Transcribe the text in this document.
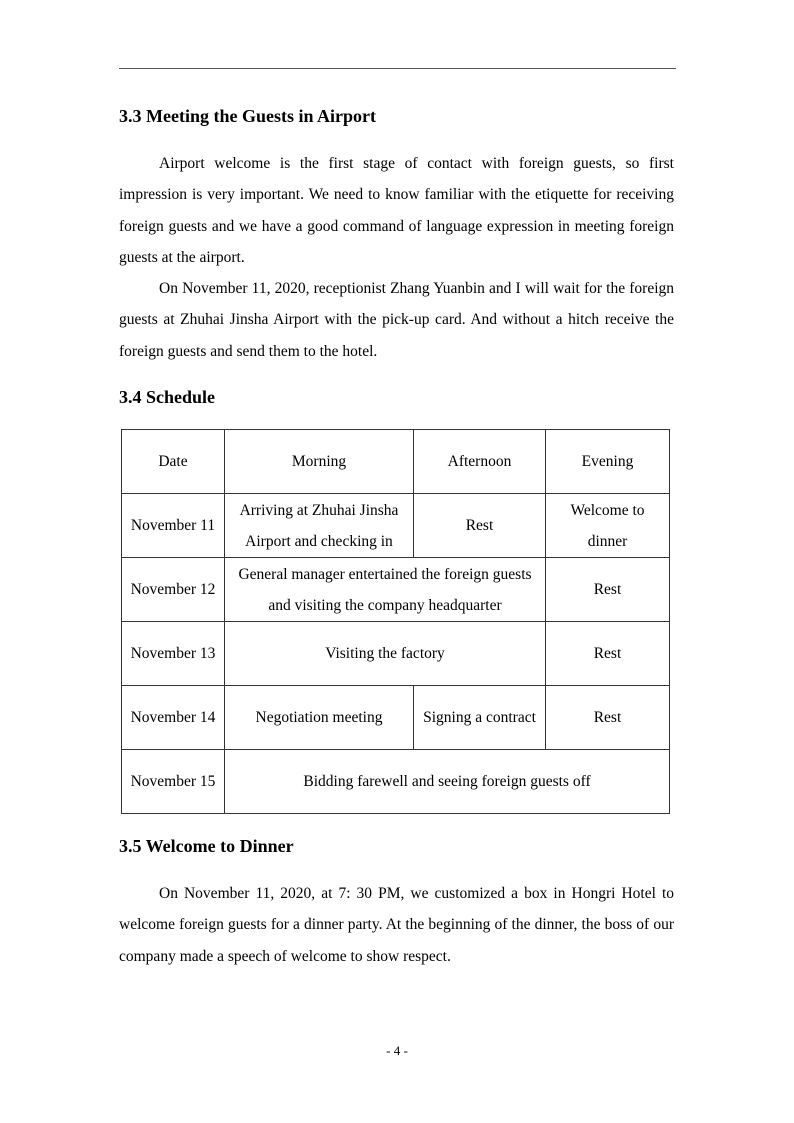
3.3 Meeting the Guests in Airport

Airport welcome is the first stage of contact with foreign guests, so first impression is very important. We need to know familiar with the etiquette for receiving foreign guests and we have a good command of language expression in meeting foreign guests at the airport.

On November 11, 2020, receptionist Zhang Yuanbin and I will wait for the foreign guests at Zhuhai Jinsha Airport with the pick-up card. And without a hitch receive the foreign guests and send them to the hotel.

3.4 Schedule
Date	Morning	Afternoon	Evening
November 11	Arriving at Zhuhai Jinsha Airport and checking in	Rest	Welcome to dinner
November 12	General manager entertained the foreign guests and visiting the company headquarter		Rest
November 13	Visiting the factory		Rest
November 14	Negotiation meeting	Signing a contract	Rest
November 15	Bidding farewell and seeing foreign guests off		
3.5 Welcome to Dinner

On November 11, 2020, at 7: 30 PM, we customized a box in Hongri Hotel to welcome foreign guests for a dinner party. At the beginning of the dinner, the boss of our company made a speech of welcome to show respect.

- 4 -
